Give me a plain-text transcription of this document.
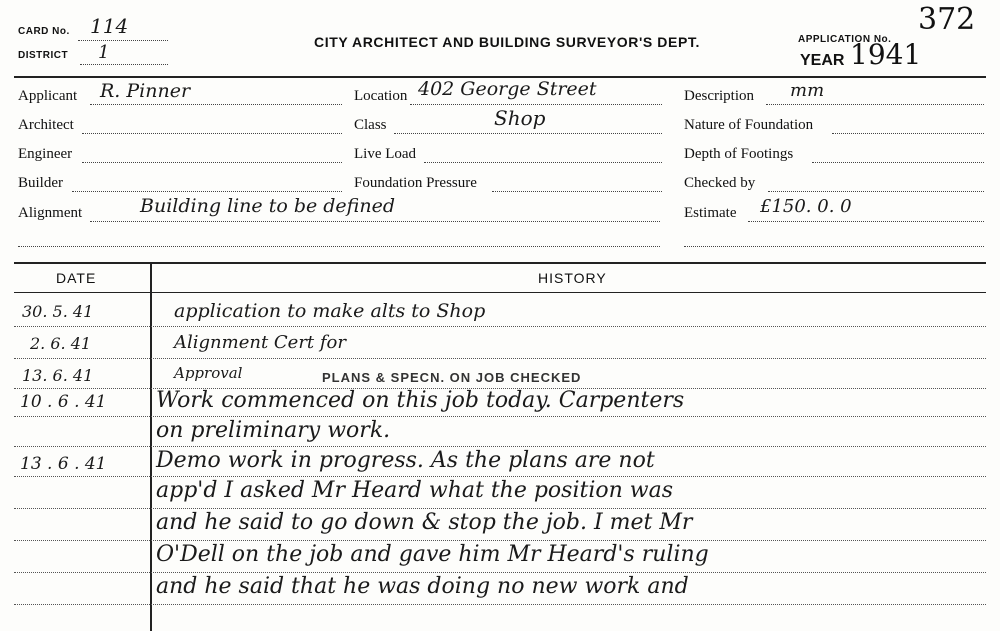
CARD No. 114
DISTRICT 1	CITY ARCHITECT AND BUILDING SURVEYOR'S DEPT.	APPLICATION No.
372
YEAR 1941
Applicant R. Pinner
Architect
Engineer
Builder
Alignment	Building line to be defined
Location 402 George Street
Class	Shop
Live Load
Foundation Pressure
Description mm
Nature of Foundation
Depth of Footings
Checked by
Estimate £150. 0. 0
DATE	HISTORY
30. 5. 41	application to make alts to Shop
2. 6. 41	Alignment Cert for
13. 6. 41	Approval	PLANS & SPECN. ON JOB CHECKED
10 . 6 . 41 Work commenced on this job today. Carpenters
on preliminary work.
13 . 6 . 41 Demo work in progress. As the plans are not
app'd I asked Mr Heard what the position was
and he said to go down & stop the job. I met Mr
O'Dell on the job and gave him Mr Heard's ruling
and he said that he was doing no new work and
